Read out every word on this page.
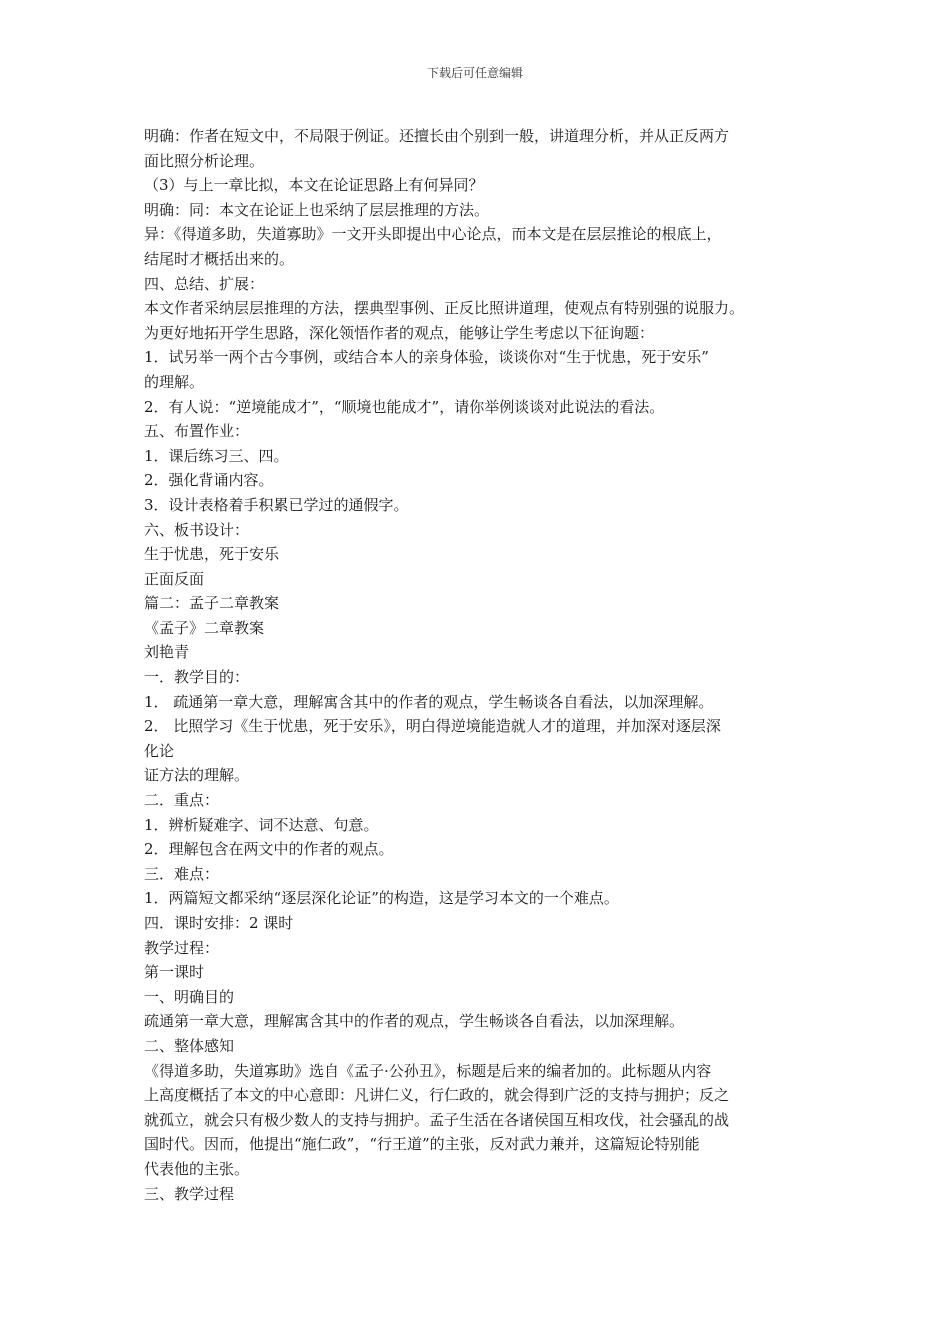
下载后可任意编辑
明确：作者在短文中，不局限于例证。还擅长由个别到一般，讲道理分析，并从正反两方
面比照分析论理。
（3）与上一章比拟，本文在论证思路上有何异同？
明确：同：本文在论证上也采纳了层层推理的方法。
异：《得道多助，失道寡助》一文开头即提出中心论点，而本文是在层层推论的根底上，
结尾时才概括出来的。
四、总结、扩展：
本文作者采纳层层推理的方法，摆典型事例、正反比照讲道理，使观点有特别强的说服力。
为更好地拓开学生思路，深化领悟作者的观点，能够让学生考虑以下征询题：
1．试另举一两个古今事例，或结合本人的亲身体验，谈谈你对“生于忧患，死于安乐”
的理解。
2．有人说：“逆境能成才”，“顺境也能成才”，请你举例谈谈对此说法的看法。
五、布置作业：
1．课后练习三、四。
2．强化背诵内容。
3．设计表格着手积累已学过的通假字。
六、板书设计：
生于忧患，死于安乐
正面反面
篇二：孟子二章教案
《孟子》二章教案
刘艳青
一．教学目的：
1． 疏通第一章大意，理解寓含其中的作者的观点，学生畅谈各自看法，以加深理解。
2． 比照学习《生于忧患，死于安乐》，明白得逆境能造就人才的道理，并加深对逐层深
化论
证方法的理解。
二．重点：
1．辨析疑难字、词不达意、句意。
2．理解包含在两文中的作者的观点。
三．难点：
1．两篇短文都采纳“逐层深化论证”的构造，这是学习本文的一个难点。
四．课时安排：2 课时
教学过程：
第一课时
一、明确目的
疏通第一章大意，理解寓含其中的作者的观点，学生畅谈各自看法，以加深理解。
二、整体感知
《得道多助，失道寡助》选自《孟子·公孙丑》，标题是后来的编者加的。此标题从内容
上高度概括了本文的中心意即：凡讲仁义，行仁政的，就会得到广泛的支持与拥护；反之
就孤立，就会只有极少数人的支持与拥护。孟子生活在各诸侯国互相攻伐，社会骚乱的战
国时代。因而，他提出“施仁政”，“行王道”的主张，反对武力兼并，这篇短论特别能
代表他的主张。
三、教学过程
